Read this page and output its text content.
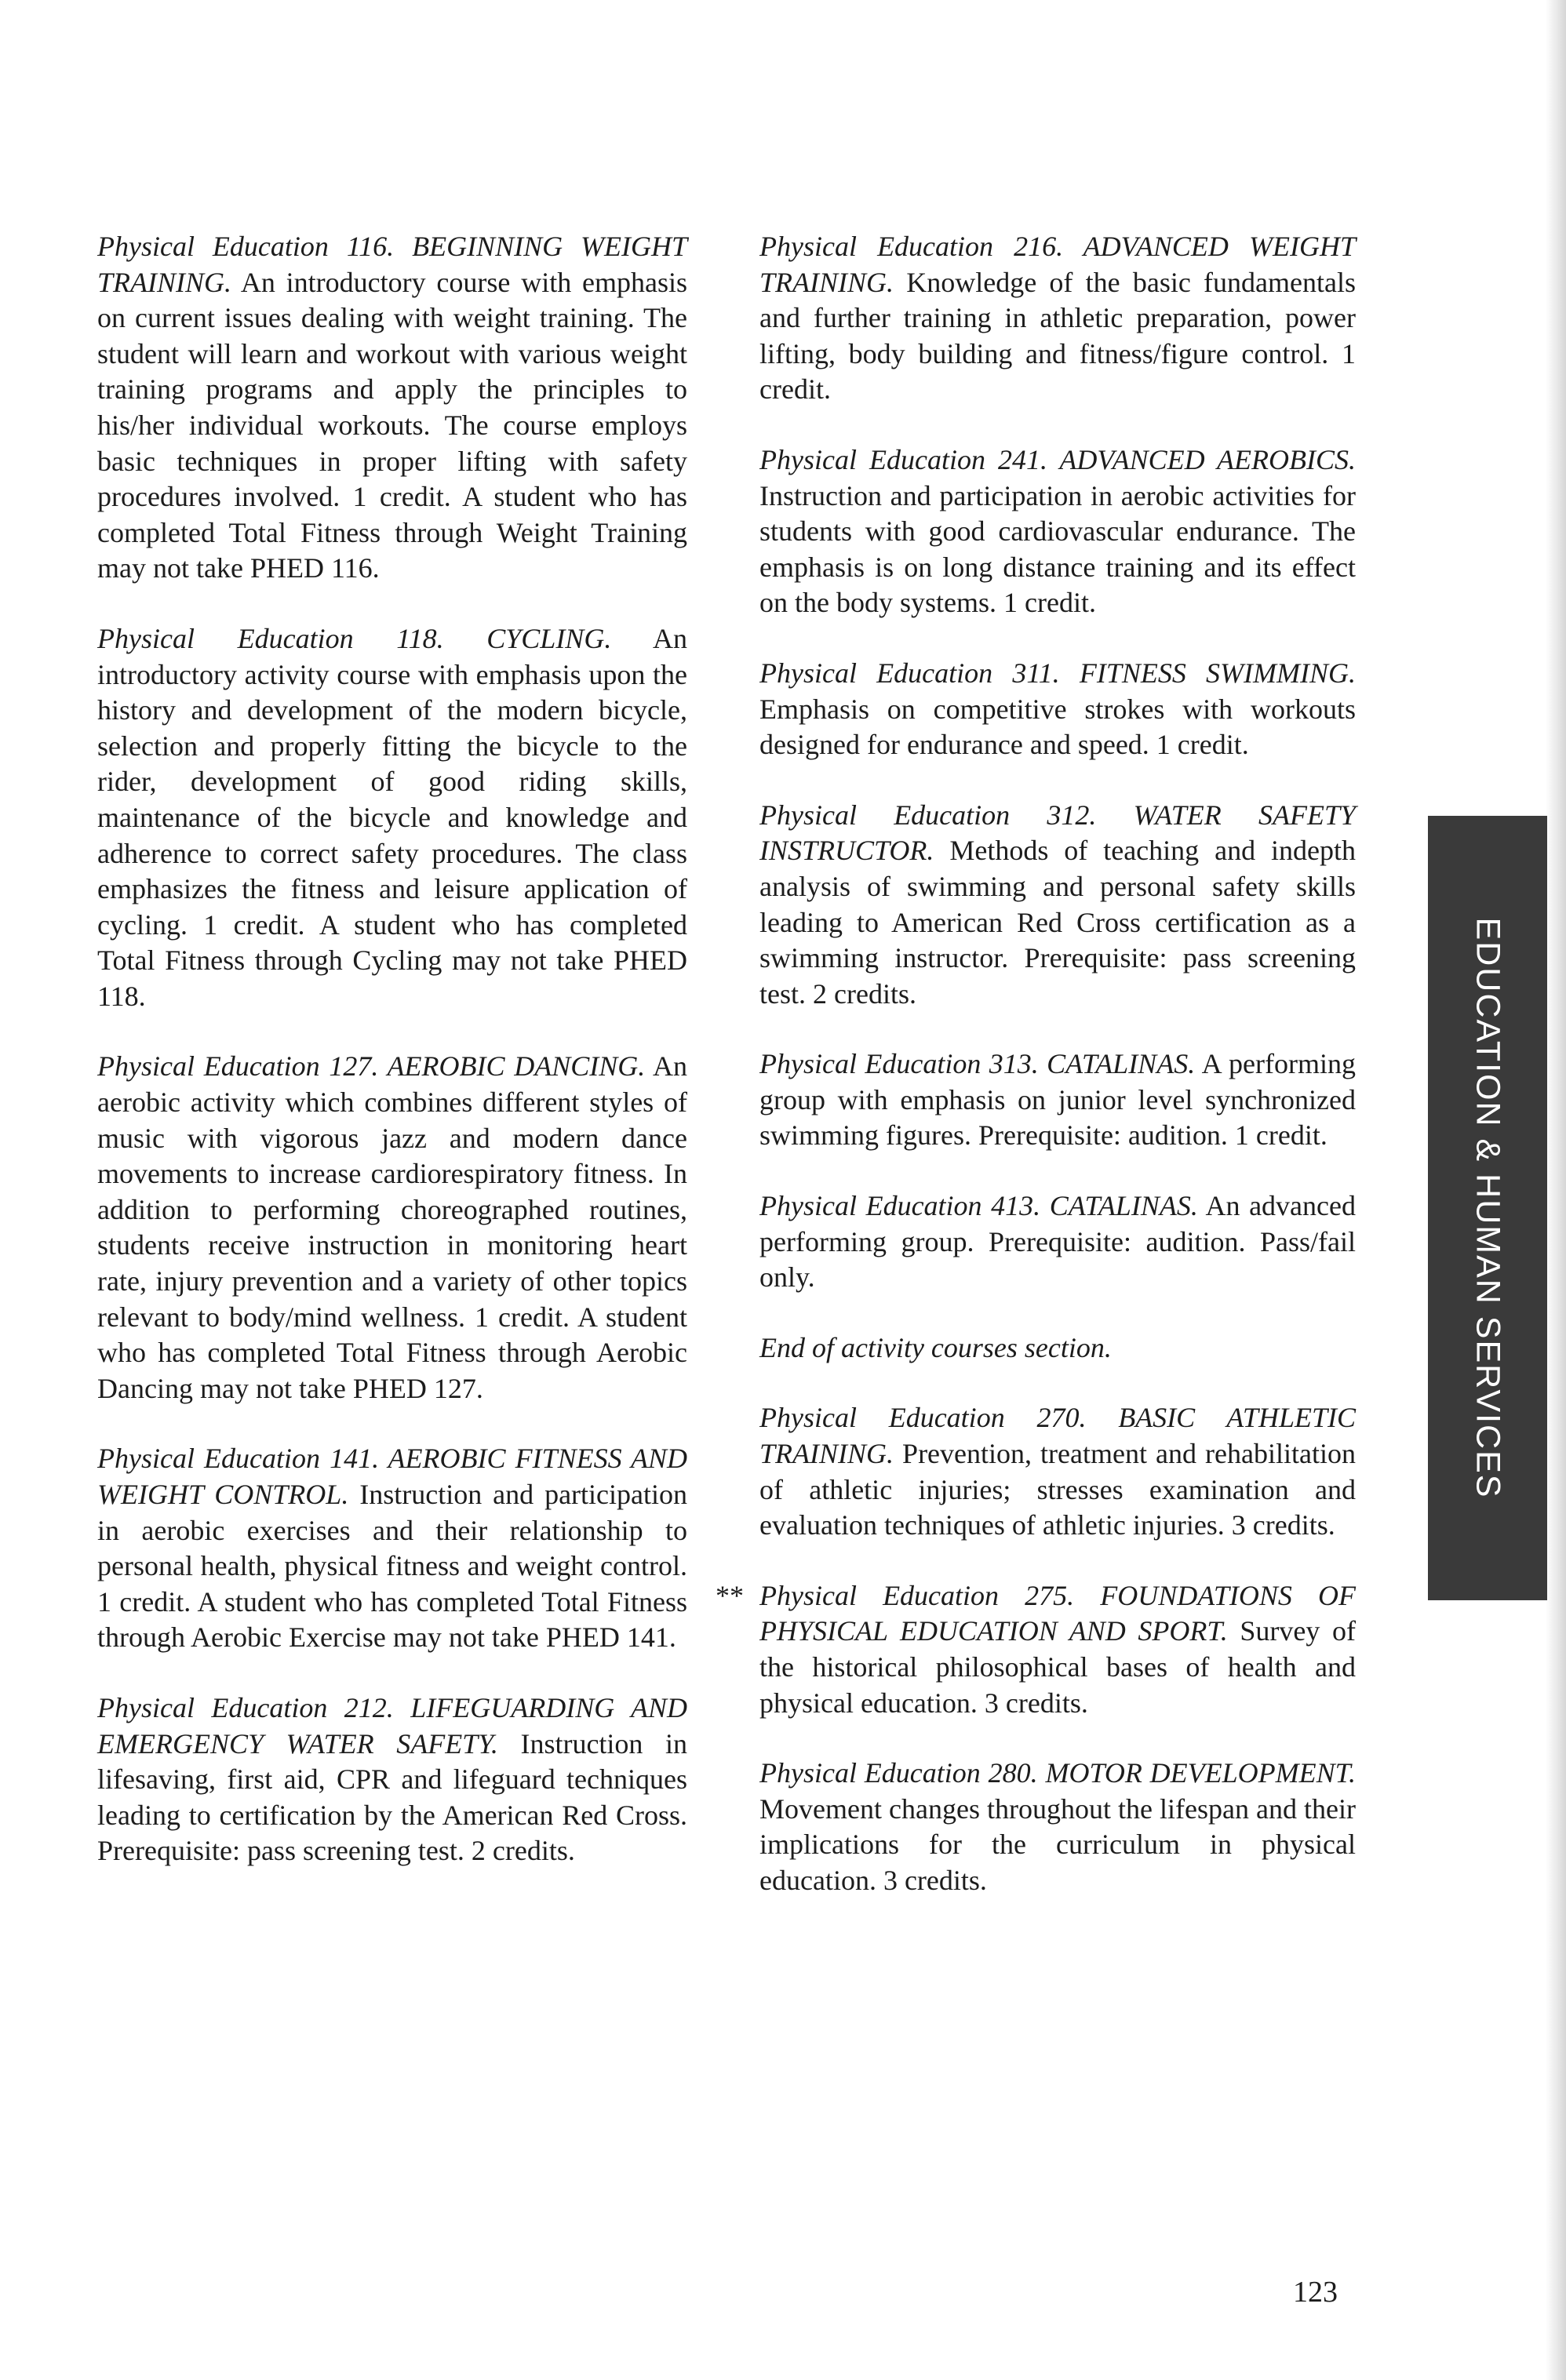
Physical Education 116. BEGINNING WEIGHT TRAINING. An introductory course with emphasis on current issues dealing with weight training. The student will learn and workout with various weight training programs and apply the principles to his/her individual workouts. The course employs basic techniques in proper lifting with safety procedures involved. 1 credit. A student who has completed Total Fitness through Weight Training may not take PHED 116.

Physical Education 118. CYCLING. An introductory activity course with emphasis upon the history and development of the modern bicycle, selection and properly fitting the bicycle to the rider, development of good riding skills, maintenance of the bicycle and knowledge and adherence to correct safety procedures. The class emphasizes the fitness and leisure application of cycling. 1 credit. A student who has completed Total Fitness through Cycling may not take PHED 118.

Physical Education 127. AEROBIC DANCING. An aerobic activity which combines different styles of music with vigorous jazz and modern dance movements to increase cardiorespiratory fitness. In addition to performing choreographed routines, students receive instruction in monitoring heart rate, injury prevention and a variety of other topics relevant to body/mind wellness. 1 credit. A student who has completed Total Fitness through Aerobic Dancing may not take PHED 127.

Physical Education 141. AEROBIC FITNESS AND WEIGHT CONTROL. Instruction and participation in aerobic exercises and their relationship to personal health, physical fitness and weight control. 1 credit. A student who has completed Total Fitness through Aerobic Exercise may not take PHED 141.

Physical Education 212. LIFEGUARDING AND EMERGENCY WATER SAFETY. Instruction in lifesaving, first aid, CPR and lifeguard techniques leading to certification by the American Red Cross. Prerequisite: pass screening test. 2 credits.

Physical Education 216. ADVANCED WEIGHT TRAINING. Knowledge of the basic fundamentals and further training in athletic preparation, power lifting, body building and fitness/figure control. 1 credit.

Physical Education 241. ADVANCED AEROBICS. Instruction and participation in aerobic activities for students with good cardiovascular endurance. The emphasis is on long distance training and its effect on the body systems. 1 credit.

Physical Education 311. FITNESS SWIMMING. Emphasis on competitive strokes with workouts designed for endurance and speed. 1 credit.

Physical Education 312. WATER SAFETY INSTRUCTOR. Methods of teaching and indepth analysis of swimming and personal safety skills leading to American Red Cross certification as a swimming instructor. Prerequisite: pass screening test. 2 credits.

Physical Education 313. CATALINAS. A performing group with emphasis on junior level synchronized swimming figures. Prerequisite: audition. 1 credit.

Physical Education 413. CATALINAS. An advanced performing group. Prerequisite: audition. Pass/fail only.

End of activity courses section.

Physical Education 270. BASIC ATHLETIC TRAINING. Prevention, treatment and rehabilitation of athletic injuries; stresses examination and evaluation techniques of athletic injuries. 3 credits.

** Physical Education 275. FOUNDATIONS OF PHYSICAL EDUCATION AND SPORT. Survey of the historical philosophical bases of health and physical education. 3 credits.

Physical Education 280. MOTOR DEVELOPMENT. Movement changes throughout the lifespan and their implications for the curriculum in physical education. 3 credits.

EDUCATION & HUMAN SERVICES
123
